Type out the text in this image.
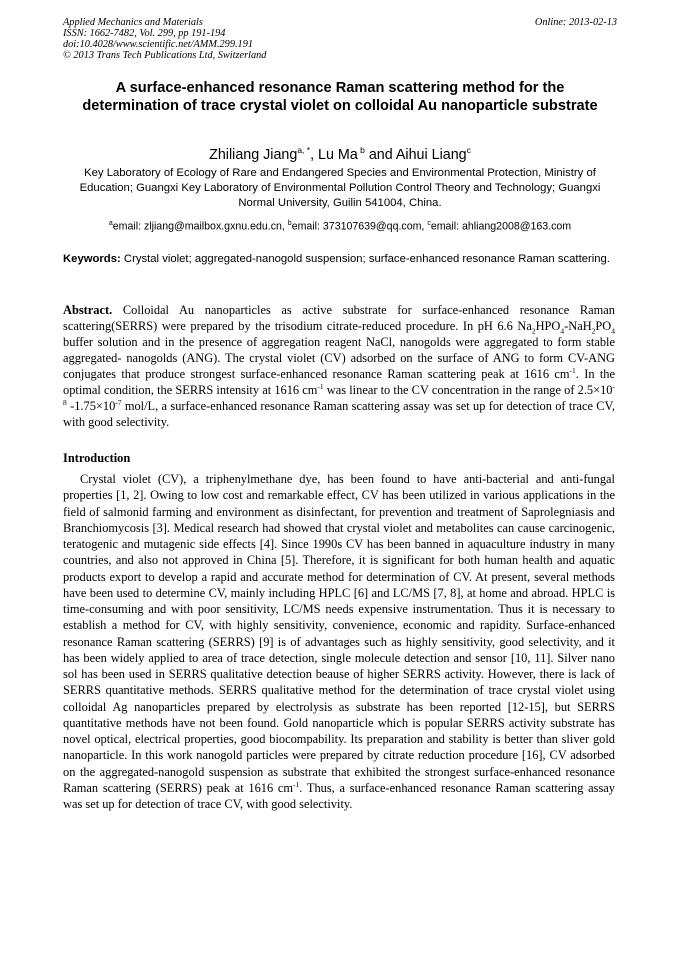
Applied Mechanics and Materials
ISSN: 1662-7482, Vol. 299, pp 191-194
doi:10.4028/www.scientific.net/AMM.299.191
© 2013 Trans Tech Publications Ltd, Switzerland
Online: 2013-02-13
A surface-enhanced resonance Raman scattering method for the determination of trace crystal violet on colloidal Au nanoparticle substrate
Zhiliang Jiang$^{a, *}$, Lu Ma $^b$ and Aihui Liang$^c$
Key Laboratory of Ecology of Rare and Endangered Species and Environmental Protection, Ministry of Education; Guangxi Key Laboratory of Environmental Pollution Control Theory and Technology; Guangxi Normal University, Guilin 541004, China.
$^a$email: zljiang@mailbox.gxnu.edu.cn, $^b$email: 373107639@qq.com, $^c$email: ahliang2008@163.com
Keywords: Crystal violet; aggregated-nanogold suspension; surface-enhanced resonance Raman scattering.
Abstract. Colloidal Au nanoparticles as active substrate for surface-enhanced resonance Raman scattering(SERRS) were prepared by the trisodium citrate-reduced procedure. In pH 6.6 $Na_2HPO_4-NaH_2PO_4$ buffer solution and in the presence of aggregation reagent NaCl, nanogolds were aggregated to form stable aggregated- nanogolds (ANG). The crystal violet (CV) adsorbed on the surface of ANG to form CV-ANG conjugates that produce strongest surface-enhanced resonance Raman scattering peak at 1616 $cm^{-1}$. In the optimal condition, the SERRS intensity at 1616 $cm^{-1}$ was linear to the CV concentration in the range of $2.5\times 10^{-8}$ $-1.75\times 10^{-7}$ mol/L, a surface-enhanced resonance Raman scattering assay was set up for detection of trace CV, with good selectivity.
Introduction
Crystal violet (CV), a triphenylmethane dye, has been found to have anti-bacterial and anti-fungal properties [1, 2]. Owing to low cost and remarkable effect, CV has been utilized in various applications in the field of salmonid farming and environment as disinfectant, for prevention and treatment of Saprolegniasis and Branchiomycosis [3]. Medical research had showed that crystal violet and metabolites can cause carcinogenic, teratogenic and mutagenic side effects [4]. Since 1990s CV has been banned in aquaculture industry in many countries, and also not approved in China [5]. Therefore, it is significant for both human health and aquatic products export to develop a rapid and accurate method for determination of CV. At present, several methods have been used to determine CV, mainly including HPLC [6] and LC/MS [7, 8], at home and abroad. HPLC is time-consuming and with poor sensitivity, LC/MS needs expensive instrumentation. Thus it is necessary to establish a method for CV, with highly sensitivity, convenience, economic and rapidity. Surface-enhanced resonance Raman scattering (SERRS) [9] is of advantages such as highly sensitivity, good selectivity, and it has been widely applied to area of trace detection, single molecule detection and sensor [10, 11]. Silver nano sol has been used in SERRS qualitative detection beause of higher SERRS activity. However, there is lack of SERRS quantitative methods. SERRS qualitative method for the determination of trace crystal violet using colloidal Ag nanoparticles prepared by electrolysis as substrate has been reported [12-15], but SERRS quantitative methods have not been found. Gold nanoparticle which is popular SERRS activity substrate has novel optical, electrical properties, good biocompability. Its preparation and stability is better than sliver gold nanoparticle. In this work nanogold particles were prepared by citrate reduction procedure [16], CV adsorbed on the aggregated-nanogold suspension as substrate that exhibited the strongest surface-enhanced resonance Raman scattering (SERRS) peak at 1616 $cm^{-1}$. Thus, a surface-enhanced resonance Raman scattering assay was set up for detection of trace CV, with good selectivity.
